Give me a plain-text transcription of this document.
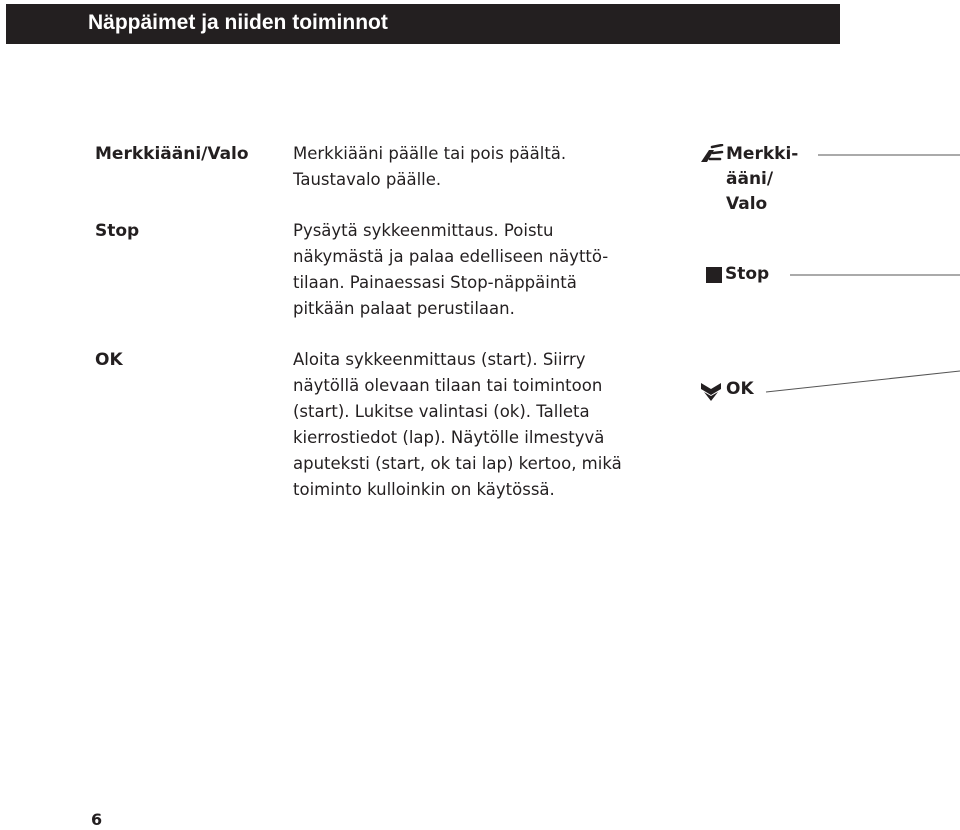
Näppäimet ja niiden toiminnot
Merkkiääni/Valo
Stop
OK
Merkkiääni päälle tai pois päältä.
Taustavalo päälle.
Pysäytä sykkeenmittaus. Poistu
näkymästä ja palaa edelliseen näyttö-
tilaan. Painaessasi Stop-näppäintä
pitkään palaat perustilaan.
Aloita sykkeenmittaus (start). Siirry
näytöllä olevaan tilaan tai toimintoon
(start). Lukitse valintasi (ok). Talleta
kierrostiedot (lap). Näytölle ilmestyvä
aputeksti (start, ok tai lap) kertoo, mikä
toiminto kulloinkin on käytössä.
Merkki-
ääni/
Valo
Stop
OK
6
